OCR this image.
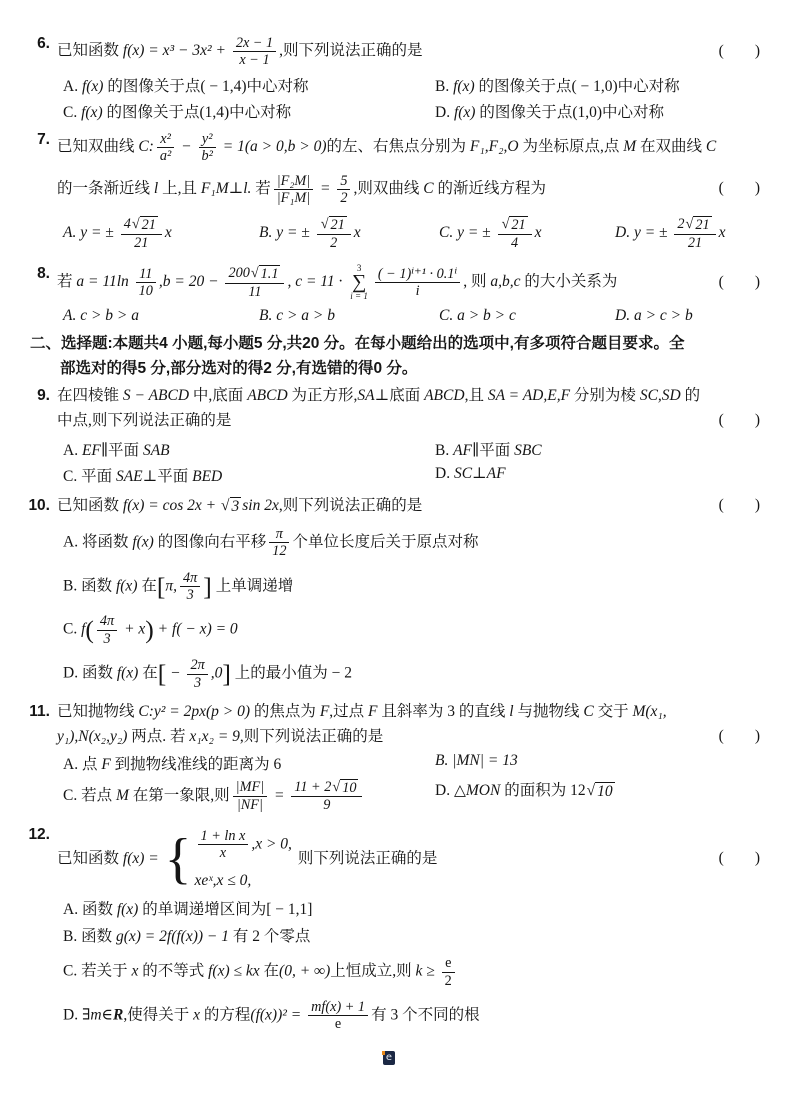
6. 已知函数 $f(x) = x^3 - 3x^2 + \frac{2x - 1}{x - 1}$ ,则下列说法正确的是	(        )
A. f(x) 的图像关于点( − 1,4)中心对称	B. f(x) 的图像关于点( − 1,0)中心对称
C. f(x) 的图像关于点(1,4)中心对称	D. f(x) 的图像关于点(1,0)中心对称
7. 已知双曲线 C: $\frac{\text{x²}}{\text{a²}} - \frac{\text{y²}}{\text{b²}} = 1(a > 0,b > 0)$的左、右焦点分别为 F₁,F₂,O 为坐标原点,点 M 在双曲线 C
的一条渐近线 l 上,且 F₁M⊥l. 若 $\frac{\text{|F₂M|}}{\text{|F₁M|}} = \frac{5}{2}$ ,则双曲线 C 的渐近线方程为	(        )
A. y = ± $\frac{4 √ 21}{21}$ x	B. y = ± $\frac{√ 21}{2}$ x	C. y = ± $\frac{√ 21}{4}$ x	D. y = ± $\frac{2 √ 21}{21}$ x
8. 若 $a = 11\ln \frac{11}{10} ,b = 20 - \frac{200 √ 1.1}{11}$ , c = 11 ·
3
∑
$i = 1 \frac{\text{( − 1)ⁱ⁺¹ · 0.1ⁱ}}{i}$ , 则 a,b,c 的大小关系为	(        )
A. c > b > a	B. c > a > b	C. a > b > c	D. a > c > b
二、选择题:本题共4 小题,每小题5 分,共20 分。在每小题给出的选项中,有多项符合题目要求。全
部选对的得5 分,部分选对的得2 分,有选错的得0 分。
9. 在四棱锥 S − ABCD 中,底面 ABCD 为正方形,SA⊥底面 ABCD,且 SA = AD,E,F 分别为棱 SC,SD 的
中点,则下列说法正确的是	(        )
A. EF∥平面 SAB	B. AF∥平面 SBC
C. 平面 SAE⊥平面 BED	D. SC⊥AF
10. 已知函数 f(x) = cos 2x + √ 3 sin 2x,则下列说法正确的是	(        )
A. 将函数 f(x) 的图像向右平移 $\frac{\pi}{12}$ 个单位长度后关于原点对称
B. 函数 f(x) 在[π, $\frac{4\pi}{3}$ ] 上单调递增
C. $f( \frac{4\pi}{3} + x) + f( - x) = 0$
D. 函数 f(x) 在[ − $\frac{2\pi}{3} ,0$] 上的最小值为 − 2
11. 已知抛物线 C:y² = 2px(p > 0) 的焦点为 F,过点 F 且斜率为 3 的直线 l 与抛物线 C 交于 M(x₁,
y₁),N(x₂,y₂) 两点. 若 x₁x₂ = 9,则下列说法正确的是	(        )
A. 点 F 到抛物线准线的距离为 6	B. |MN| = 13
C. 若点 M 在第一象限,则 $\frac{|MF|}{|NF|} = \frac{11 + 2 √ 10}{9}$	D. △MON 的面积为 12 √ 10
12.
已知函数 f(x) = { $\frac{\text{1 + ln x}}{x} ,x > 0$,
xeˣ,x ≤ 0,
则下列说法正确的是	(        )
A. 函数 f(x) 的单调递增区间为[ − 1,1]
B. 函数 g(x) = 2f(f(x)) − 1 有 2 个零点
C. 若关于 x 的不等式 f(x) ≤ kx 在(0, + ∞)上恒成立,则 $k \ge \frac{e}{2}$
D. ∃m∈R,使得关于 x 的方程$(f(x))^2 = \frac{mf(x) + 1}{e}$ 有 3 个不同的根
e
